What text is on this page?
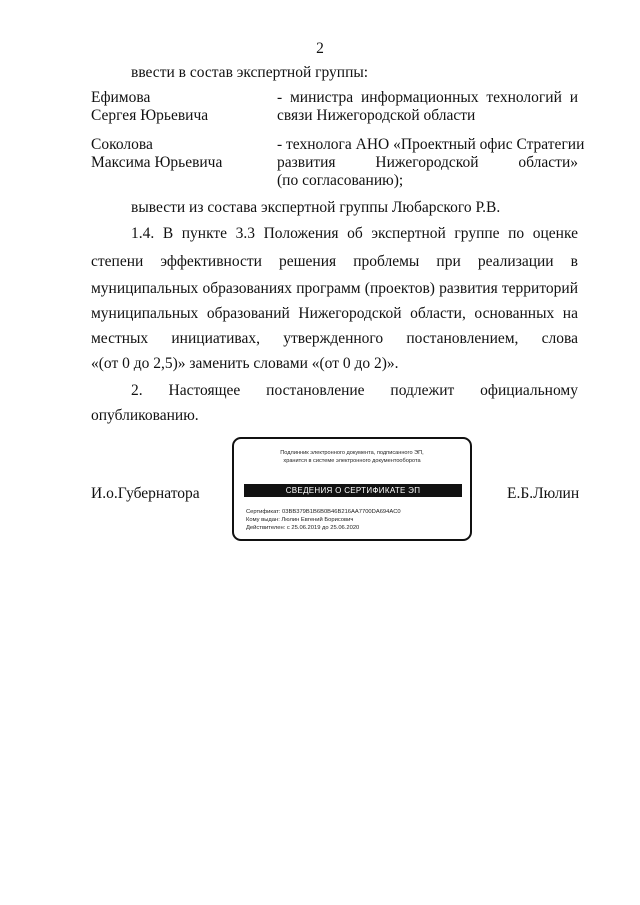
2
ввести в состав экспертной группы:
Ефимова
Сергея Юрьевича
- министра информационных технологий и
связи Нижегородской области
Соколова
Максима Юрьевича
- технолога АНО «Проектный офис Стратегии
развития Нижегородской области»
(по согласованию);
вывести из состава экспертной группы Любарского Р.В.
1.4. В пункте 3.3 Положения об экспертной группе по оценке
степени эффективности решения проблемы при реализации в
муниципальных образованиях программ (проектов) развития территорий
муниципальных образований Нижегородской области, основанных на
местных инициативах, утвержденного постановлением, слова
«(от 0 до 2,5)» заменить словами «(от 0 до 2)».
2. Настоящее постановление подлежит официальному
опубликованию.
И.о.Губернатора	Е.Б.Люлин
Подлинник электронного документа, подписанного ЭП,
хранится в системе электронного документооборота
СВЕДЕНИЯ О СЕРТИФИКАТЕ ЭП
Сертификат: 03BB379B1B6B0B46B216AA7700DA694AC0
Кому выдан: Люлин Евгений Борисович
Действителен: с 25.06.2019 до 25.06.2020
